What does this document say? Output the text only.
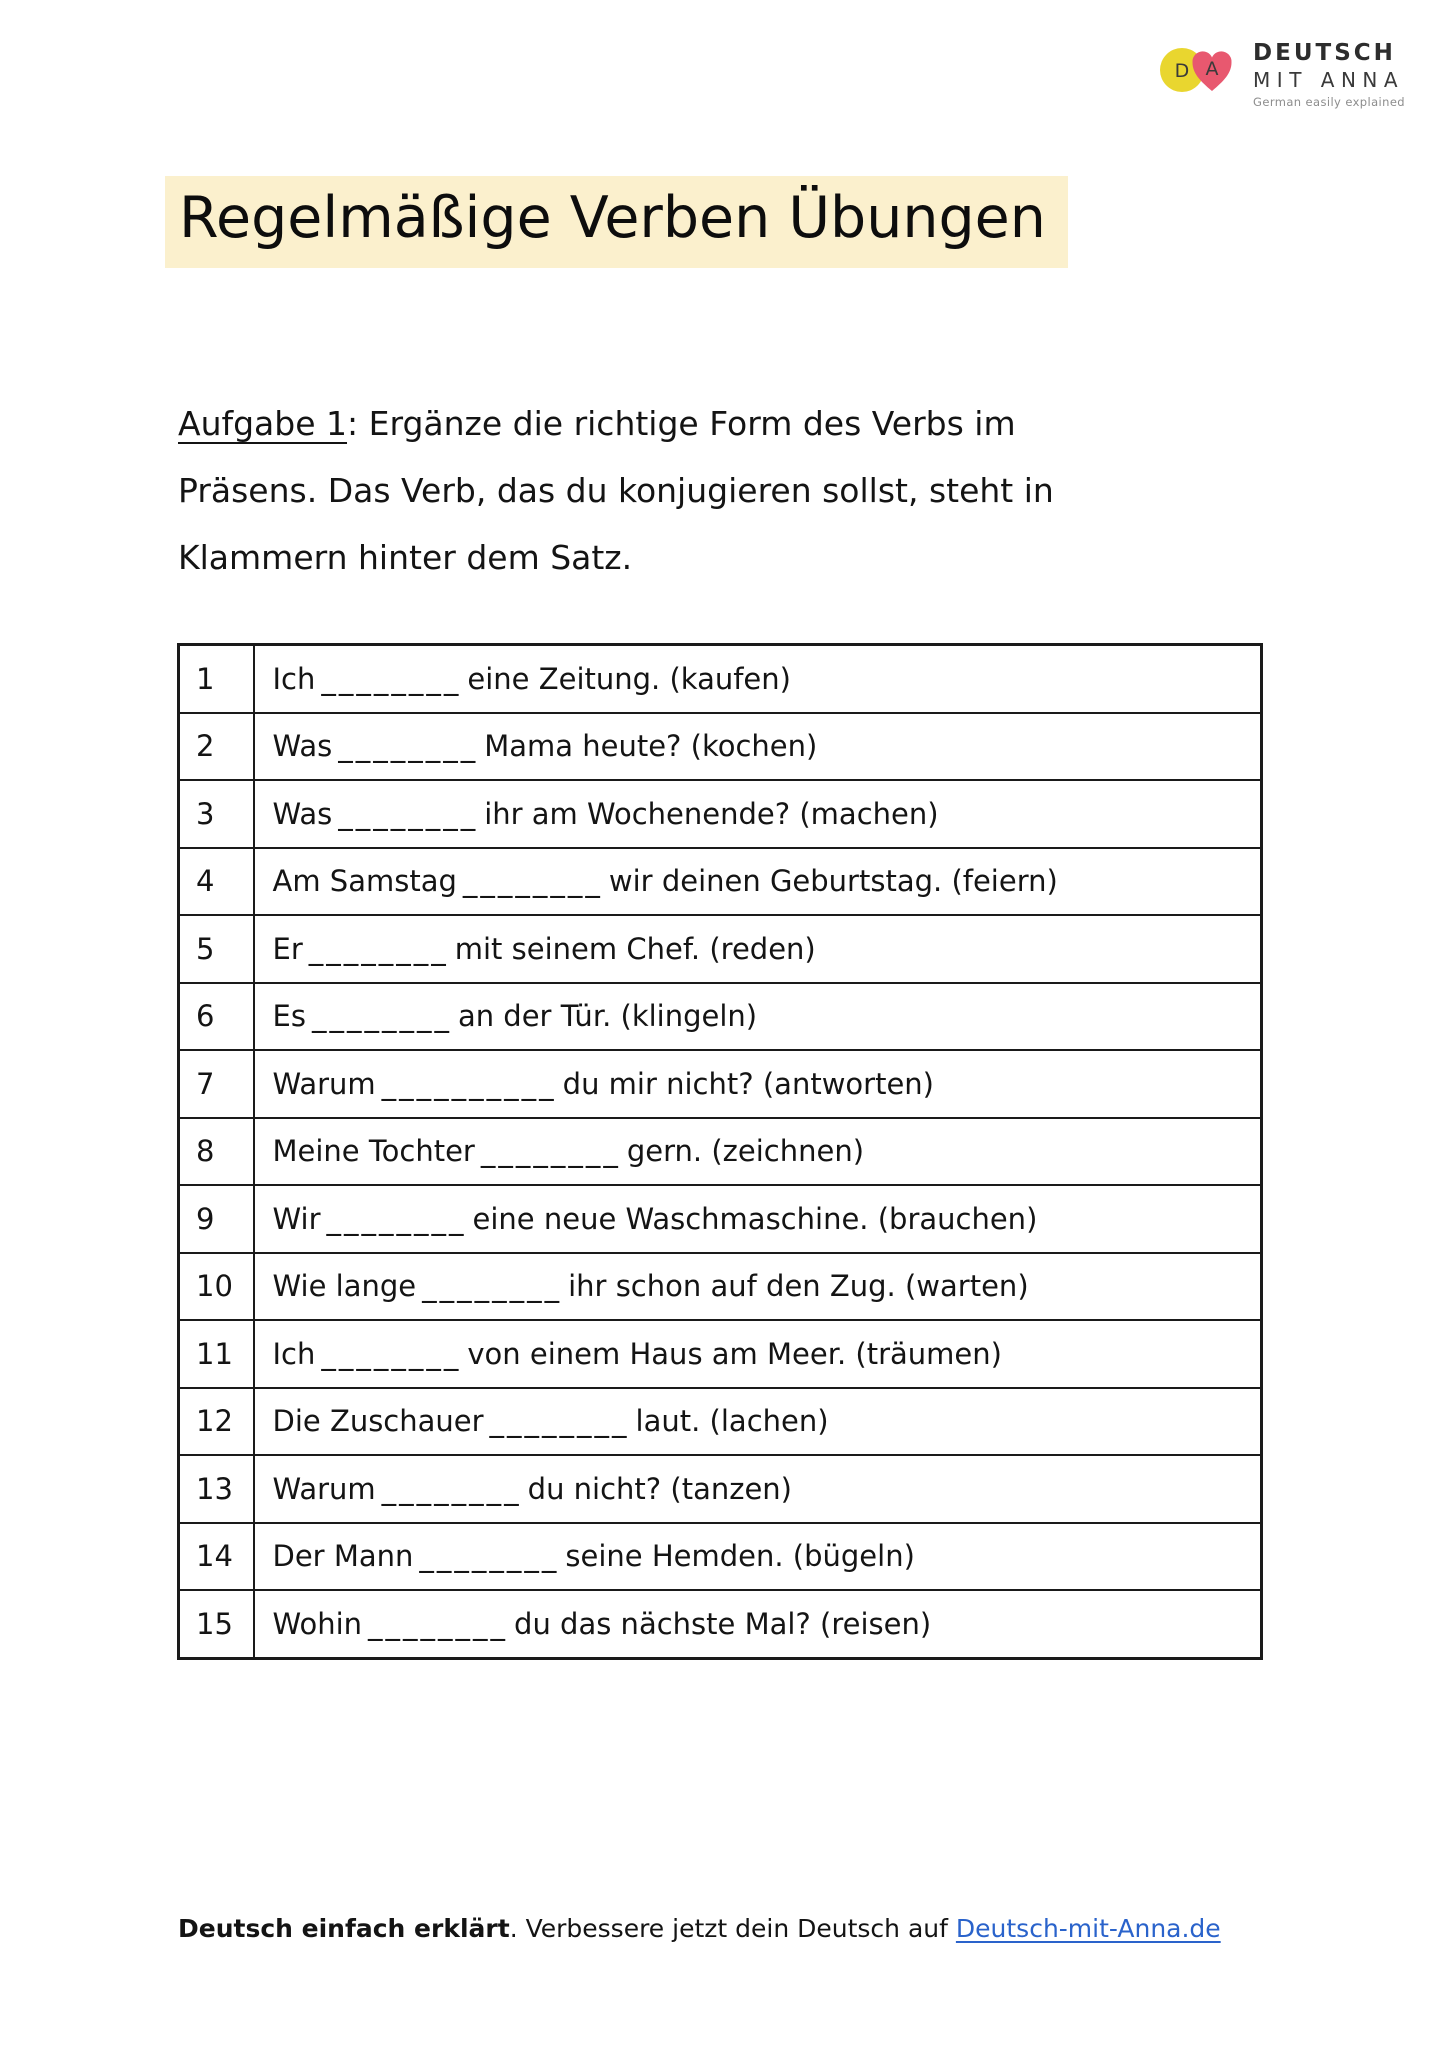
D A
DEUTSCH
MIT ANNA
German easily explained
Regelmäßige Verben Übungen

Aufgabe 1: Ergänze die richtige Form des Verbs im

Präsens. Das Verb, das du konjugieren sollst, steht in

Klammern hinter dem Satz.

1	Ich ________ eine Zeitung. (kaufen)
2	Was ________ Mama heute? (kochen)
3	Was ________ ihr am Wochenende? (machen)
4	Am Samstag ________ wir deinen Geburtstag. (feiern)
5	Er ________ mit seinem Chef. (reden)
6	Es ________ an der Tür. (klingeln)
7	Warum __________ du mir nicht? (antworten)
8	Meine Tochter ________ gern. (zeichnen)
9	Wir ________ eine neue Waschmaschine. (brauchen)
10	Wie lange ________ ihr schon auf den Zug. (warten)
11	Ich ________ von einem Haus am Meer. (träumen)
12	Die Zuschauer ________ laut. (lachen)
13	Warum ________ du nicht? (tanzen)
14	Der Mann ________ seine Hemden. (bügeln)
15	Wohin ________ du das nächste Mal? (reisen)
Deutsch einfach erklärt. Verbessere jetzt dein Deutsch auf Deutsch-mit-Anna.de
